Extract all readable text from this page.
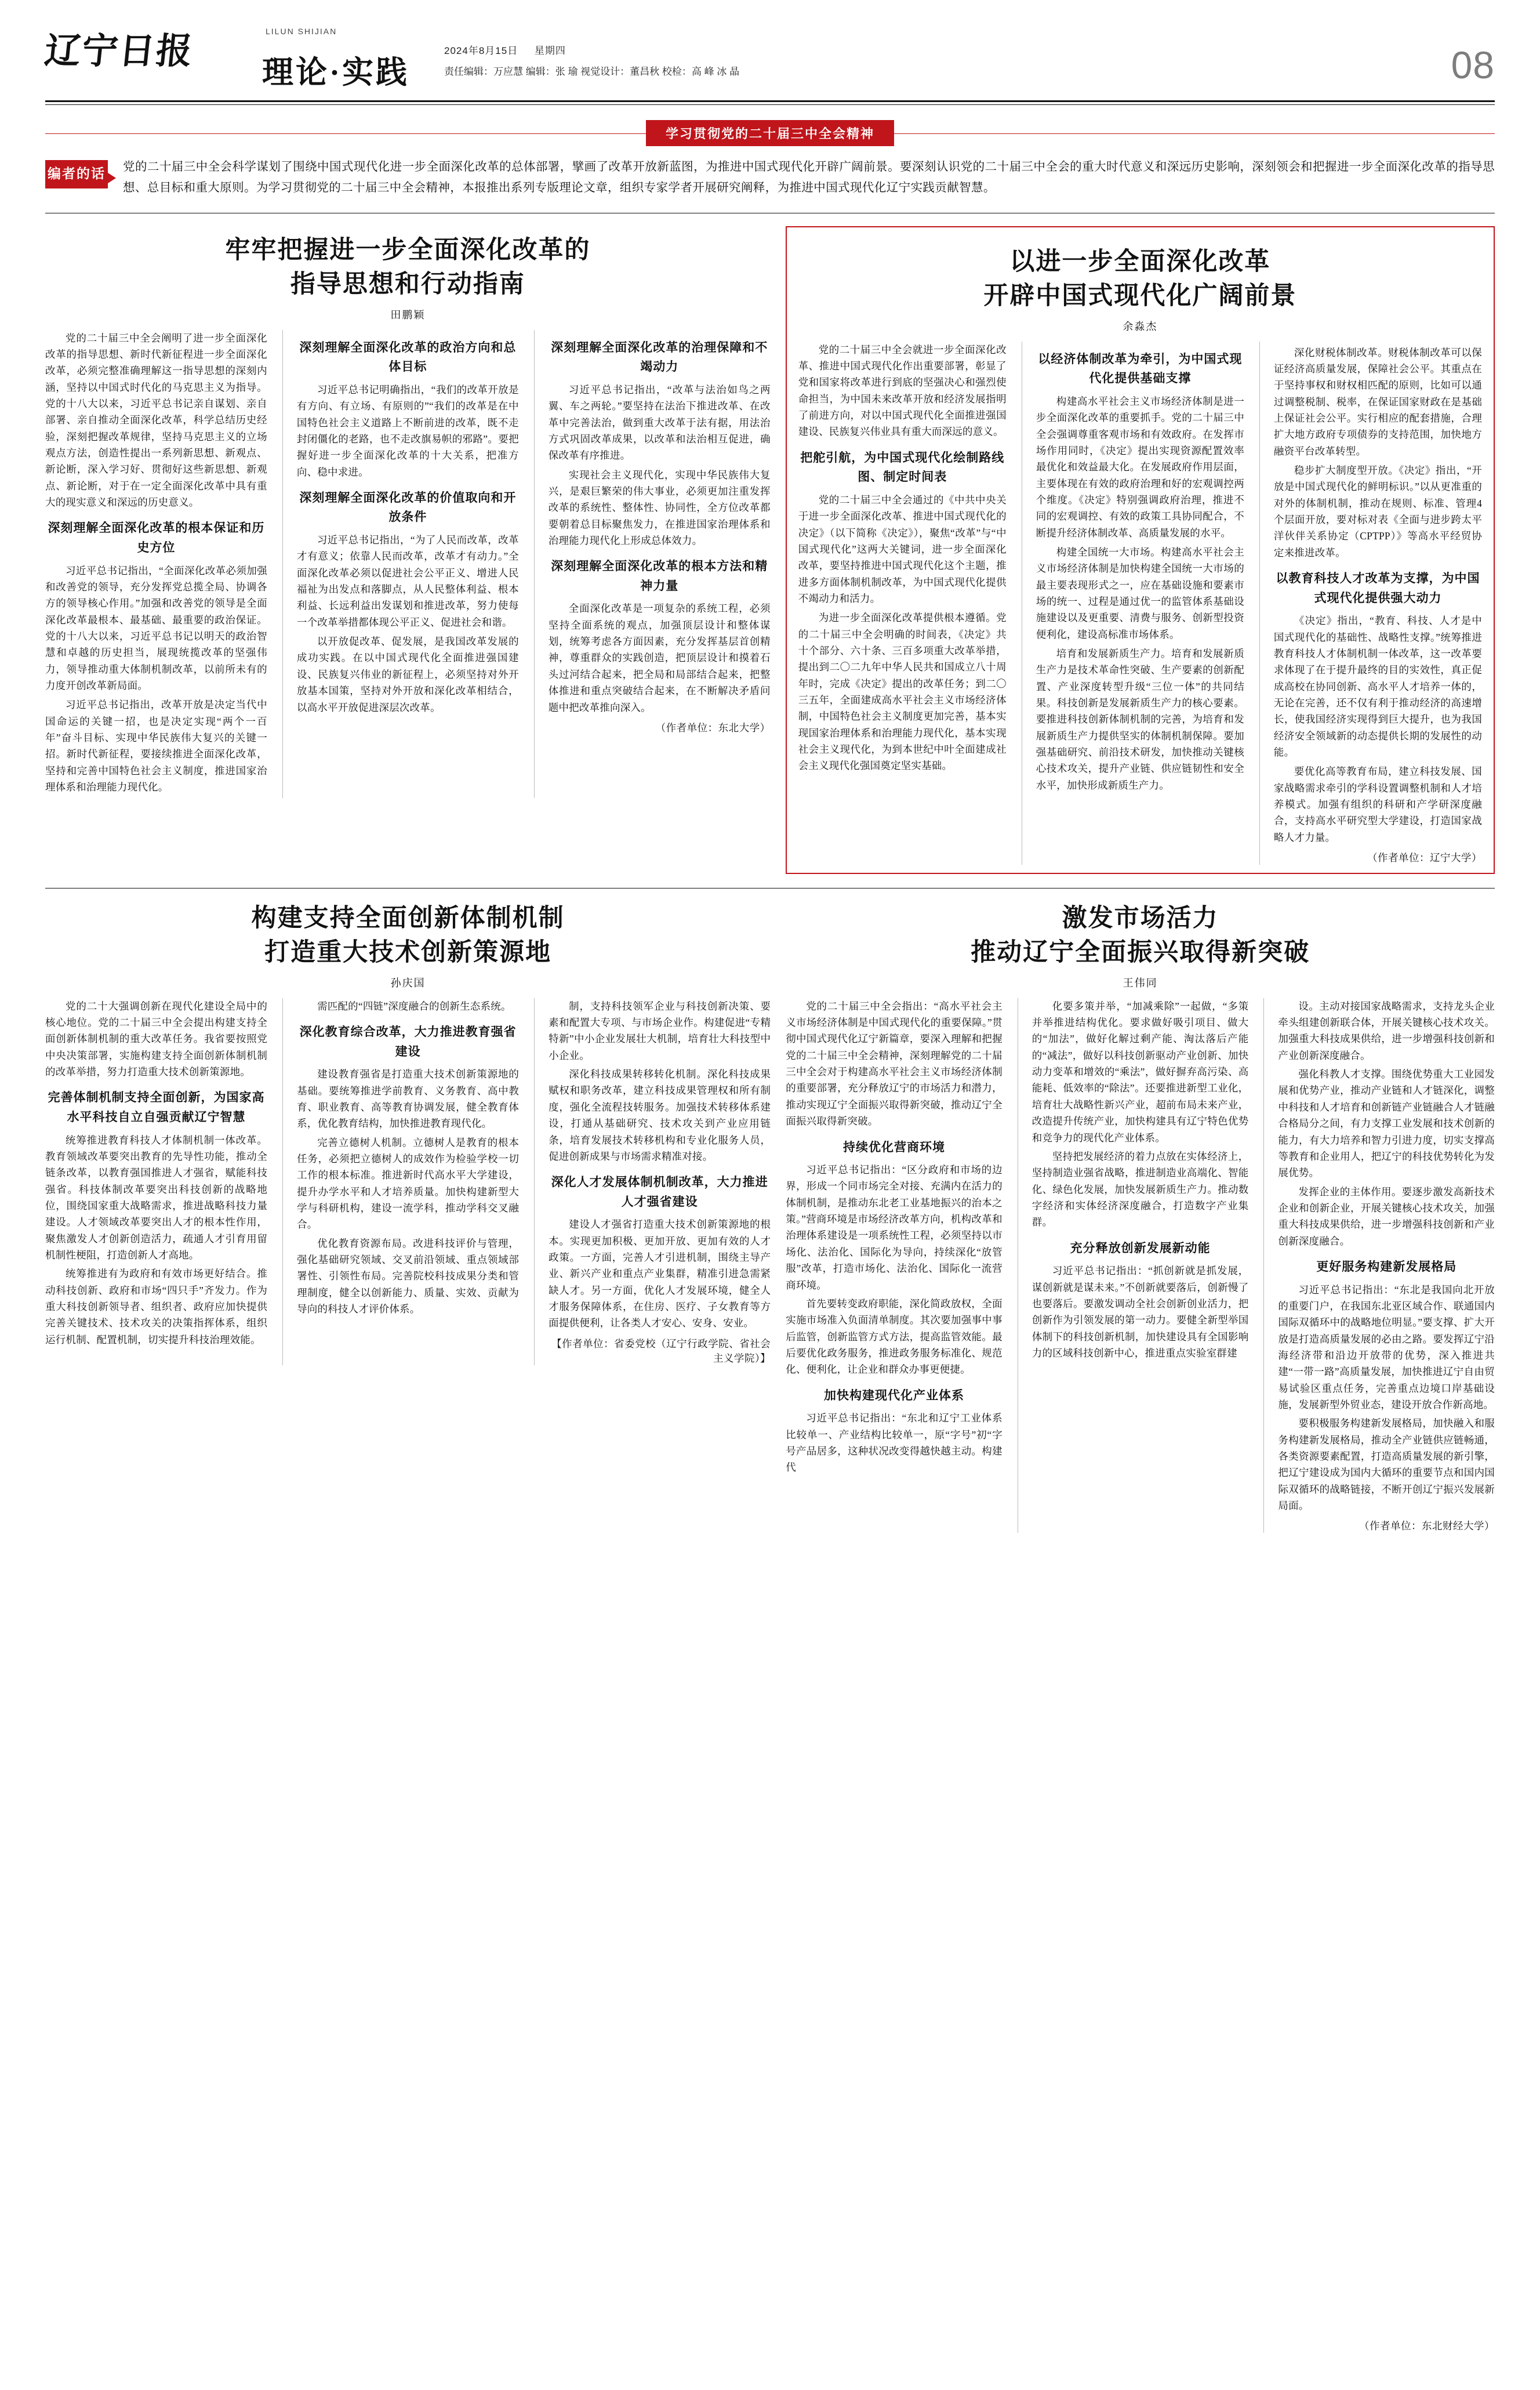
辽宁日报
LILUN SHIJIAN
理论·实践
2024年8月15日 星期四
责任编辑：万应慧 编辑：张 瑜 视觉设计：董昌秋 校检：高 峰 冰 晶	08
学习贯彻党的二十届三中全会精神
编者的话 党的二十届三中全会科学谋划了围绕中国式现代化进一步全面深化改革的总体部署，擘画了改革开放新蓝图，为推进中国式现代化开辟广阔前景。要深刻认识党的二十届三中全会的重大时代意义和深远历史影响，深刻领会和把握进一步全面深化改革的指导思想、总目标和重大原则。为学习贯彻党的二十届三中全会精神，本报推出系列专版理论文章，组织专家学者开展研究阐释，为推进中国式现代化辽宁实践贡献智慧。
牢牢把握进一步全面深化改革的
指导思想和行动指南
田鹏颖

党的二十届三中全会阐明了进一步全面深化改革的指导思想、新时代新征程进一步全面深化改革，必须完整准确理解这一指导思想的深刻内涵，坚持以中国式时代化的马克思主义为指导。党的十八大以来，习近平总书记亲自谋划、亲自部署、亲自推动全面深化改革，科学总结历史经验，深刻把握改革规律，坚持马克思主义的立场观点方法，创造性提出一系列新思想、新观点、新论断，深入学习好、贯彻好这些新思想、新观点、新论断，对于在一定全面深化改革中具有重大的现实意义和深远的历史意义。

深刻理解全面深化改革的根本保证和历史方位

习近平总书记指出，“全面深化改革必须加强和改善党的领导，充分发挥党总揽全局、协调各方的领导核心作用。”加强和改善党的领导是全面深化改革最根本、最基础、最重要的政治保证。党的十八大以来，习近平总书记以明天的政治智慧和卓越的历史担当，展现统揽改革的坚强伟力，领导推动重大体制机制改革，以前所未有的力度开创改革新局面。

习近平总书记指出，改革开放是决定当代中国命运的关键一招，也是决定实现“两个一百年”奋斗目标、实现中华民族伟大复兴的关键一招。新时代新征程，要接续推进全面深化改革，坚持和完善中国特色社会主义制度，推进国家治理体系和治理能力现代化。

深刻理解全面深化改革的政治方向和总体目标

习近平总书记明确指出，“我们的改革开放是有方向、有立场、有原则的”“我们的改革是在中国特色社会主义道路上不断前进的改革，既不走封闭僵化的老路，也不走改旗易帜的邪路”。要把握好进一步全面深化改革的十大关系，把准方向、稳中求进。

深刻理解全面深化改革的价值取向和开放条件

习近平总书记指出，“为了人民而改革，改革才有意义；依靠人民而改革，改革才有动力。”全面深化改革必须以促进社会公平正义、增进人民福祉为出发点和落脚点，从人民整体利益、根本利益、长远利益出发谋划和推进改革，努力使每一个改革举措都体现公平正义、促进社会和谐。

以开放促改革、促发展，是我国改革发展的成功实践。在以中国式现代化全面推进强国建设、民族复兴伟业的新征程上，必须坚持对外开放基本国策，坚持对外开放和深化改革相结合，以高水平开放促进深层次改革。

深刻理解全面深化改革的治理保障和不竭动力

习近平总书记指出，“改革与法治如鸟之两翼、车之两轮。”要坚持在法治下推进改革、在改革中完善法治，做到重大改革于法有据，用法治方式巩固改革成果，以改革和法治相互促进，确保改革有序推进。

实现社会主义现代化，实现中华民族伟大复兴，是艰巨繁荣的伟大事业，必须更加注重发挥改革的系统性、整体性、协同性，全方位改革都要朝着总目标聚焦发力，在推进国家治理体系和治理能力现代化上形成总体效力。

深刻理解全面深化改革的根本方法和精神力量

全面深化改革是一项复杂的系统工程，必须坚持全面系统的观点，加强顶层设计和整体谋划，统筹考虑各方面因素，充分发挥基层首创精神，尊重群众的实践创造，把顶层设计和摸着石头过河结合起来，把全局和局部结合起来，把整体推进和重点突破结合起来，在不断解决矛盾问题中把改革推向深入。

（作者单位：东北大学）
以进一步全面深化改革
开辟中国式现代化广阔前景
余淼杰

党的二十届三中全会就进一步全面深化改革、推进中国式现代化作出重要部署，彰显了党和国家将改革进行到底的坚强决心和强烈使命担当，为中国未来改革开放和经济发展指明了前进方向，对以中国式现代化全面推进强国建设、民族复兴伟业具有重大而深远的意义。

把舵引航，为中国式现代化绘制路线图、制定时间表

党的二十届三中全会通过的《中共中央关于进一步全面深化改革、推进中国式现代化的决定》（以下简称《决定》），聚焦“改革”与“中国式现代化”这两大关键词，进一步全面深化改革，要坚持推进中国式现代化这个主题，推进多方面体制机制改革，为中国式现代化提供不竭动力和活力。

为进一步全面深化改革提供根本遵循。党的二十届三中全会明确的时间表，《决定》共十个部分、六十条、三百多项重大改革举措，提出到二〇二九年中华人民共和国成立八十周年时，完成《决定》提出的改革任务；到二〇三五年，全面建成高水平社会主义市场经济体制，中国特色社会主义制度更加完善，基本实现国家治理体系和治理能力现代化，基本实现社会主义现代化，为到本世纪中叶全面建成社会主义现代化强国奠定坚实基础。

以经济体制改革为牵引，为中国式现代化提供基础支撑

构建高水平社会主义市场经济体制是进一步全面深化改革的重要抓手。党的二十届三中全会强调尊重客观市场和有效政府。在发挥市场作用同时，《决定》提出实现资源配置效率最优化和效益最大化。在发展政府作用层面，主要体现在有效的政府治理和好的宏观调控两个维度。《决定》特别强调政府治理，推进不同的宏观调控、有效的政策工具协同配合，不断提升经济体制改革、高质量发展的水平。

构建全国统一大市场。构建高水平社会主义市场经济体制是加快构建全国统一大市场的最主要表现形式之一，应在基础设施和要素市场的统一、过程是通过优一的监管体系基础设施建设以及更重要、清费与服务、创新型投资便利化，建设高标准市场体系。

培育和发展新质生产力。培育和发展新质生产力是技术革命性突破、生产要素的创新配置、产业深度转型升级“三位一体”的共同结果。科技创新是发展新质生产力的核心要素。要推进科技创新体制机制的完善，为培育和发展新质生产力提供坚实的体制机制保障。要加强基础研究、前沿技术研发，加快推动关键核心技术攻关，提升产业链、供应链韧性和安全水平，加快形成新质生产力。

深化财税体制改革。财税体制改革可以保证经济高质量发展，保障社会公平。其重点在于坚持事权和财权相匹配的原则，比如可以通过调整税制、税率，在保证国家财政在是基础上保证社会公平。实行相应的配套措施，合理扩大地方政府专项债券的支持范围，加快地方融资平台改革转型。

稳步扩大制度型开放。《决定》指出，“开放是中国式现代化的鲜明标识。”以从更准重的对外的体制机制，推动在规则、标准、管理4个层面开放，要对标对表《全面与进步跨太平洋伙伴关系协定（CPTPP）》等高水平经贸协定来推进改革。

以教育科技人才改革为支撑，为中国式现代化提供强大动力

《决定》指出，“教育、科技、人才是中国式现代化的基础性、战略性支撑。”统筹推进教育科技人才体制机制一体改革，这一改革要求体现了在于提升最终的目的实效性，真正促成高校在协同创新、高水平人才培养一体的，无论在完善，还不仅有利于推动经济的高速增长，使我国经济实现得到巨大提升，也为我国经济安全领域新的动态提供长期的发展性的动能。

要优化高等教育布局，建立科技发展、国家战略需求牵引的学科设置调整机制和人才培养模式。加强有组织的科研和产学研深度融合，支持高水平研究型大学建设，打造国家战略人才力量。

（作者单位：辽宁大学）
构建支持全面创新体制机制
打造重大技术创新策源地
孙庆国

党的二十大强调创新在现代化建设全局中的核心地位。党的二十届三中全会提出构建支持全面创新体制机制的重大改革任务。我省要按照党中央决策部署，实施构建支持全面创新体制机制的改革举措，努力打造重大技术创新策源地。

完善体制机制支持全面创新，为国家高水平科技自立自强贡献辽宁智慧

统筹推进教育科技人才体制机制一体改革。教育领域改革要突出教育的先导性功能，推动全链条改革，以教育强国推进人才强省，赋能科技强省。科技体制改革要突出科技创新的战略地位，围绕国家重大战略需求，推进战略科技力量建设。人才领域改革要突出人才的根本性作用，聚焦激发人才创新创造活力，疏通人才引育用留机制性梗阻，打造创新人才高地。

统筹推进有为政府和有效市场更好结合。推动科技创新、政府和市场“四只手”齐发力。作为重大科技创新领导者、组织者、政府应加快提供完善关键技术、技术攻关的决策指挥体系，组织运行机制、配置机制，切实提升科技治理效能。

需匹配的“四链”深度融合的创新生态系统。

深化教育综合改革，大力推进教育强省建设

建设教育强省是打造重大技术创新策源地的基础。要统筹推进学前教育、义务教育、高中教育、职业教育、高等教育协调发展，健全教育体系，优化教育结构，加快推进教育现代化。

完善立德树人机制。立德树人是教育的根本任务，必须把立德树人的成效作为检验学校一切工作的根本标准。推进新时代高水平大学建设，提升办学水平和人才培养质量。加快构建新型大学与科研机构，建设一流学科，推动学科交叉融合。

优化教育资源布局。改进科技评价与管理，强化基础研究领域、交叉前沿领域、重点领域部署性、引领性布局。完善院校科技成果分类和管理制度，健全以创新能力、质量、实效、贡献为导向的科技人才评价体系。

制，支持科技领军企业与科技创新决策、要素和配置大专项、与市场企业作。构建促进“专精特新”中小企业发展壮大机制，培育壮大科技型中小企业。

深化科技成果转移转化机制。深化科技成果赋权和职务改革，建立科技成果管理权和所有制度，强化全流程技转服务。加强技术转移体系建设，打通从基础研究、技术攻关到产业应用链条，培育发展技术转移机构和专业化服务人员，促进创新成果与市场需求精准对接。

深化人才发展体制机制改革，大力推进人才强省建设

建设人才强省打造重大技术创新策源地的根本。实现更加积极、更加开放、更加有效的人才政策。一方面，完善人才引进机制，围绕主导产业、新兴产业和重点产业集群，精准引进急需紧缺人才。另一方面，优化人才发展环境，健全人才服务保障体系，在住房、医疗、子女教育等方面提供便利，让各类人才安心、安身、安业。

【作者单位：省委党校（辽宁行政学院、省社会主义学院）】
激发市场活力
推动辽宁全面振兴取得新突破
王伟同

党的二十届三中全会指出：“高水平社会主义市场经济体制是中国式现代化的重要保障。”贯彻中国式现代化辽宁新篇章，要深入理解和把握党的二十届三中全会精神，深刻理解党的二十届三中全会对于构建高水平社会主义市场经济体制的重要部署，充分释放辽宁的市场活力和潜力，推动实现辽宁全面振兴取得新突破，推动辽宁全面振兴取得新突破。

持续优化营商环境

习近平总书记指出：“区分政府和市场的边界，形成一个同市场完全对接、充满内在活力的体制机制，是推动东北老工业基地振兴的治本之策。”营商环境是市场经济改革方向，机构改革和治理体系建设是一项系统性工程，必须坚持以市场化、法治化、国际化为导向，持续深化“放管服”改革，打造市场化、法治化、国际化一流营商环境。

首先要转变政府职能，深化简政放权，全面实施市场准入负面清单制度。其次要加强事中事后监管，创新监管方式方法，提高监管效能。最后要优化政务服务，推进政务服务标准化、规范化、便利化，让企业和群众办事更便捷。

加快构建现代化产业体系

习近平总书记指出：“东北和辽宁工业体系比较单一、产业结构比较单一，原“字号”初“字号产品居多，这种状况改变得越快越主动。构建代

化要多策并举，“加减乘除”一起做，“多策并举推进结构优化。要求做好吸引项目、做大的“加法”，做好化解过剩产能、淘汰落后产能的“减法”，做好以科技创新驱动产业创新、加快动力变革和增效的“乘法”，做好摒弃高污染、高能耗、低效率的“除法”。还要推进新型工业化，培育壮大战略性新兴产业，超前布局未来产业，改造提升传统产业，加快构建具有辽宁特色优势和竞争力的现代化产业体系。

坚持把发展经济的着力点放在实体经济上，坚持制造业强省战略，推进制造业高端化、智能化、绿色化发展，加快发展新质生产力。推动数字经济和实体经济深度融合，打造数字产业集群。

充分释放创新发展新动能

习近平总书记指出：“抓创新就是抓发展，谋创新就是谋未来。”不创新就要落后，创新慢了也要落后。要激发调动全社会创新创业活力，把创新作为引领发展的第一动力。要健全新型举国体制下的科技创新机制，加快建设具有全国影响力的区域科技创新中心，推进重点实验室群建

设。主动对接国家战略需求，支持龙头企业牵头组建创新联合体，开展关键核心技术攻关。加强重大科技成果供给，进一步增强科技创新和产业创新深度融合。

强化科教人才支撑。围绕优势重大工业园发展和优势产业，推动产业链和人才链深化，调整中科技和人才培育和创新链产业链融合人才链融合格局分之间，有力支撑工业发展和技术创新的能力，有大力培养和智力引进力度，切实支撑高等教育和企业用人，把辽宁的科技优势转化为发展优势。

发挥企业的主体作用。要逐步激发高新技术企业和创新企业，开展关键核心技术攻关，加强重大科技成果供给，进一步增强科技创新和产业创新深度融合。

更好服务构建新发展格局

习近平总书记指出：“东北是我国向北开放的重要门户，在我国东北亚区域合作、联通国内国际双循环中的战略地位明显。”要支撑、扩大开放是打造高质量发展的必由之路。要发挥辽宁沿海经济带和沿边开放带的优势，深入推进共建“一带一路”高质量发展，加快推进辽宁自由贸易试验区重点任务，完善重点边境口岸基础设施，发展新型外贸业态，建设开放合作新高地。

要积极服务构建新发展格局，加快融入和服务构建新发展格局，推动全产业链供应链畅通，各类资源要素配置，打造高质量发展的新引擎，把辽宁建设成为国内大循环的重要节点和国内国际双循环的战略链接，不断开创辽宁振兴发展新局面。

（作者单位：东北财经大学）
